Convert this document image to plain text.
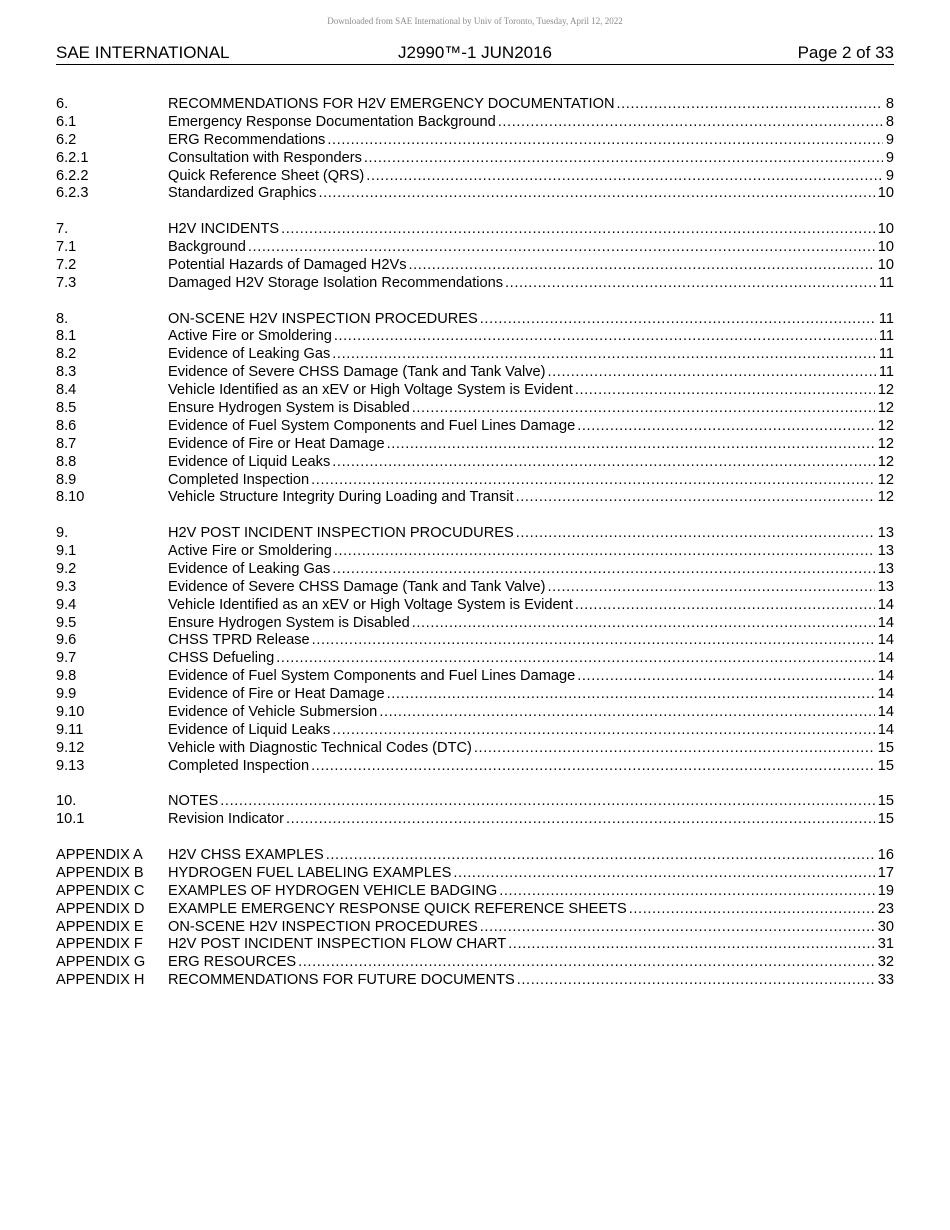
Downloaded from SAE International by Univ of Toronto, Tuesday, April 12, 2022
SAE INTERNATIONAL	J2990™-1 JUN2016	Page 2 of 33
6.	RECOMMENDATIONS FOR H2V EMERGENCY DOCUMENTATION .....	8
6.1	Emergency Response Documentation Background .....	8
6.2	ERG Recommendations .....	9
6.2.1	Consultation with Responders .....	9
6.2.2	Quick Reference Sheet (QRS) .....	9
6.2.3	Standardized Graphics .....	10
7.	H2V INCIDENTS .....	10
7.1	Background .....	10
7.2	Potential Hazards of Damaged H2Vs .....	10
7.3	Damaged H2V Storage Isolation Recommendations .....	11
8.	ON-SCENE H2V INSPECTION PROCEDURES .....	11
8.1	Active Fire or Smoldering .....	11
8.2	Evidence of Leaking Gas .....	11
8.3	Evidence of Severe CHSS Damage (Tank and Tank Valve) .....	11
8.4	Vehicle Identified as an xEV or High Voltage System is Evident .....	12
8.5	Ensure Hydrogen System is Disabled .....	12
8.6	Evidence of Fuel System Components and Fuel Lines Damage .....	12
8.7	Evidence of Fire or Heat Damage .....	12
8.8	Evidence of Liquid Leaks .....	12
8.9	Completed Inspection .....	12
8.10	Vehicle Structure Integrity During Loading and Transit .....	12
9.	H2V POST INCIDENT INSPECTION PROCUDURES .....	13
9.1	Active Fire or Smoldering .....	13
9.2	Evidence of Leaking Gas .....	13
9.3	Evidence of Severe CHSS Damage (Tank and Tank Valve) .....	13
9.4	Vehicle Identified as an xEV or High Voltage System is Evident .....	14
9.5	Ensure Hydrogen System is Disabled .....	14
9.6	CHSS TPRD Release .....	14
9.7	CHSS Defueling .....	14
9.8	Evidence of Fuel System Components and Fuel Lines Damage .....	14
9.9	Evidence of Fire or Heat Damage .....	14
9.10	Evidence of Vehicle Submersion .....	14
9.11	Evidence of Liquid Leaks .....	14
9.12	Vehicle with Diagnostic Technical Codes (DTC) .....	15
9.13	Completed Inspection .....	15
10.	NOTES .....	15
10.1	Revision Indicator .....	15
APPENDIX A	H2V CHSS EXAMPLES .....	16
APPENDIX B	HYDROGEN FUEL LABELING EXAMPLES .....	17
APPENDIX C	EXAMPLES OF HYDROGEN VEHICLE BADGING .....	19
APPENDIX D	EXAMPLE EMERGENCY RESPONSE QUICK REFERENCE SHEETS .....	23
APPENDIX E	ON-SCENE H2V INSPECTION PROCEDURES .....	30
APPENDIX F	H2V POST INCIDENT INSPECTION FLOW CHART .....	31
APPENDIX G	ERG RESOURCES .....	32
APPENDIX H	RECOMMENDATIONS FOR FUTURE DOCUMENTS .....	33
